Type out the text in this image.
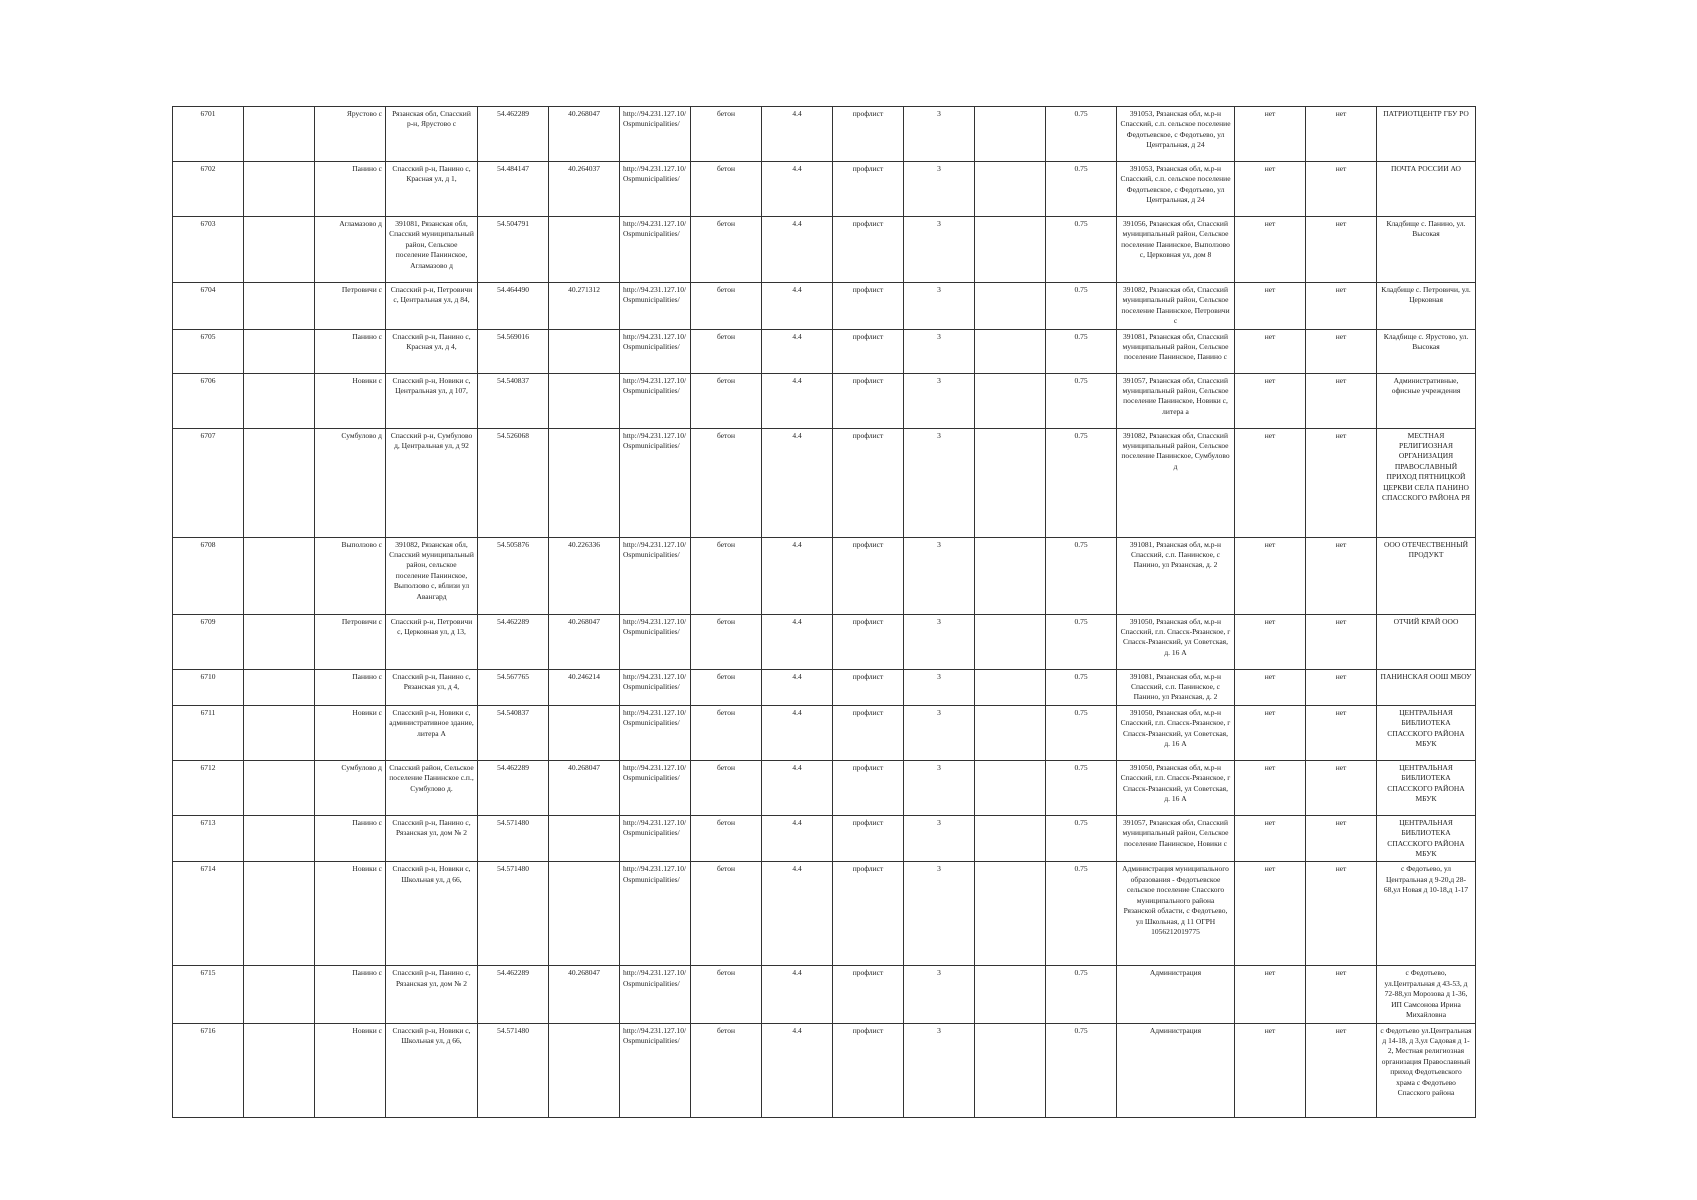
6701		Ярустово с	Рязанская обл, Спасский р-н, Ярустово с	54.462289	40.268047	http://94.231.127.10/Ospmunicipalities/	бетон	4.4	профлист	3		0.75	391053, Рязанская обл, м.р-н Спасский, с.п. сельское поселение Федотьевское, с Федотьево, ул Центральная, д 24	нет	нет	ПАТРИОТЦЕНТР ГБУ РО
6702		Панино с	Спасский р-н, Панино с, Красная ул, д 1,	54.484147	40.264037	http://94.231.127.10/Ospmunicipalities/	бетон	4.4	профлист	3		0.75	391053, Рязанская обл, м.р-н Спасский, с.п. сельское поселение Федотьевское, с Федотьево, ул Центральная, д 24	нет	нет	ПОЧТА РОССИИ АО
6703		Агламазово д	391081, Рязанская обл, Спасский муниципальный район, Сельское поселение Панинское, Агламазово д	54.504791		http://94.231.127.10/Ospmunicipalities/	бетон	4.4	профлист	3		0.75	391056, Рязанская обл, Спасский муниципальный район, Сельское поселение Панинское, Выползово с, Церковная ул, дом 8	нет	нет	Кладбище с. Панино, ул. Высокая
6704		Петровичи с	Спасский р-н, Петровичи с, Центральная ул, д 84,	54.464490	40.271312	http://94.231.127.10/Ospmunicipalities/	бетон	4.4	профлист	3		0.75	391082, Рязанская обл, Спасский муниципальный район, Сельское поселение Панинское, Петровичи с	нет	нет	Кладбище с. Петровичи, ул. Церковная
6705		Панино с	Спасский р-н, Панино с, Красная ул, д 4,	54.569016		http://94.231.127.10/Ospmunicipalities/	бетон	4.4	профлист	3		0.75	391081, Рязанская обл, Спасский муниципальный район, Сельское поселение Панинское, Панино с	нет	нет	Кладбище с. Ярустово, ул. Высокая
6706		Новики с	Спасский р-н, Новики с, Центральная ул, д 107,	54.540837		http://94.231.127.10/Ospmunicipalities/	бетон	4.4	профлист	3		0.75	391057, Рязанская обл, Спасский муниципальный район, Сельское поселение Панинское, Новики с, литера а	нет	нет	Административные, офисные учреждения
6707		Сумбулово д	Спасский р-н, Сумбулово д, Центральная ул, д 92	54.526068		http://94.231.127.10/Ospmunicipalities/	бетон	4.4	профлист	3		0.75	391082, Рязанская обл, Спасский муниципальный район, Сельское поселение Панинское, Сумбулово д	нет	нет	МЕСТНАЯ РЕЛИГИОЗНАЯ ОРГАНИЗАЦИЯ ПРАВОСЛАВНЫЙ ПРИХОД ПЯТНИЦКОЙ ЦЕРКВИ СЕЛА ПАНИНО СПАССКОГО РАЙОНА РЯ
6708		Выползово с	391082, Рязанская обл, Спасский муниципальный район, сельское поселение Панинское, Выползово с, вблизи ул Авангард	54.505876	40.226336	http://94.231.127.10/Ospmunicipalities/	бетон	4.4	профлист	3		0.75	391081, Рязанская обл, м.р-н Спасский, с.п. Панинское, с Панино, ул Рязанская, д. 2	нет	нет	ООО ОТЕЧЕСТВЕННЫЙ ПРОДУКТ
6709		Петровичи с	Спасский р-н, Петровичи с, Церковная ул, д 13,	54.462289	40.268047	http://94.231.127.10/Ospmunicipalities/	бетон	4.4	профлист	3		0.75	391050, Рязанская обл, м.р-н Спасский, г.п. Спасск-Рязанское, г Спасск-Рязанский, ул Советская, д. 16 А	нет	нет	ОТЧИЙ КРАЙ ООО
6710		Панино с	Спасский р-н, Панино с, Рязанская ул, д 4,	54.567765	40.246214	http://94.231.127.10/Ospmunicipalities/	бетон	4.4	профлист	3		0.75	391081, Рязанская обл, м.р-н Спасский, с.п. Панинское, с Панино, ул Рязанская, д. 2	нет	нет	ПАНИНСКАЯ ООШ МБОУ
6711		Новики с	Спасский р-н, Новики с, административное здание, литера А	54.540837		http://94.231.127.10/Ospmunicipalities/	бетон	4.4	профлист	3		0.75	391050, Рязанская обл, м.р-н Спасский, г.п. Спасск-Рязанское, г Спасск-Рязанский, ул Советская, д. 16 А	нет	нет	ЦЕНТРАЛЬНАЯ БИБЛИОТЕКА СПАССКОГО РАЙОНА МБУК
6712		Сумбулово д	Спасский район, Сельское поселение Панинское с.п., Сумбулово д.	54.462289	40.268047	http://94.231.127.10/Ospmunicipalities/	бетон	4.4	профлист	3		0.75	391050, Рязанская обл, м.р-н Спасский, г.п. Спасск-Рязанское, г Спасск-Рязанский, ул Советская, д. 16 А	нет	нет	ЦЕНТРАЛЬНАЯ БИБЛИОТЕКА СПАССКОГО РАЙОНА МБУК
6713		Панино с	Спасский р-н, Панино с, Рязанская ул, дом № 2	54.571480		http://94.231.127.10/Ospmunicipalities/	бетон	4.4	профлист	3		0.75	391057, Рязанская обл, Спасский муниципальный район, Сельское поселение Панинское, Новики с	нет	нет	ЦЕНТРАЛЬНАЯ БИБЛИОТЕКА СПАССКОГО РАЙОНА МБУК
6714		Новики с	Спасский р-н, Новики с, Школьная ул, д 66,	54.571480		http://94.231.127.10/Ospmunicipalities/	бетон	4.4	профлист	3		0.75	Администрация муниципального образования - Федотьевское сельское поселение Спасского муниципального района Рязанской области, с Федотьево, ул Школьная, д 11 ОГРН 1056212019775	нет	нет	с Федотьево, ул Центральная д 9-20,д 28-68,ул Новая д 10-18,д 1-17
6715		Панино с	Спасский р-н, Панино с, Рязанская ул, дом № 2	54.462289	40.268047	http://94.231.127.10/Ospmunicipalities/	бетон	4.4	профлист	3		0.75	Администрация	нет	нет	с Федотьево, ул.Центральная д 43-53, д 72-88,ул Морозова д 1-36, ИП Самсонова Ирина Михайловна
6716		Новики с	Спасский р-н, Новики с, Школьная ул, д 66,	54.571480		http://94.231.127.10/Ospmunicipalities/	бетон	4.4	профлист	3		0.75	Администрация	нет	нет	с Федотьево ул.Центральная д 14-18, д 3,ул Садовая д 1-2, Местная религиозная организация Православный приход Федотьевского храма с Федотьево Спасского района
